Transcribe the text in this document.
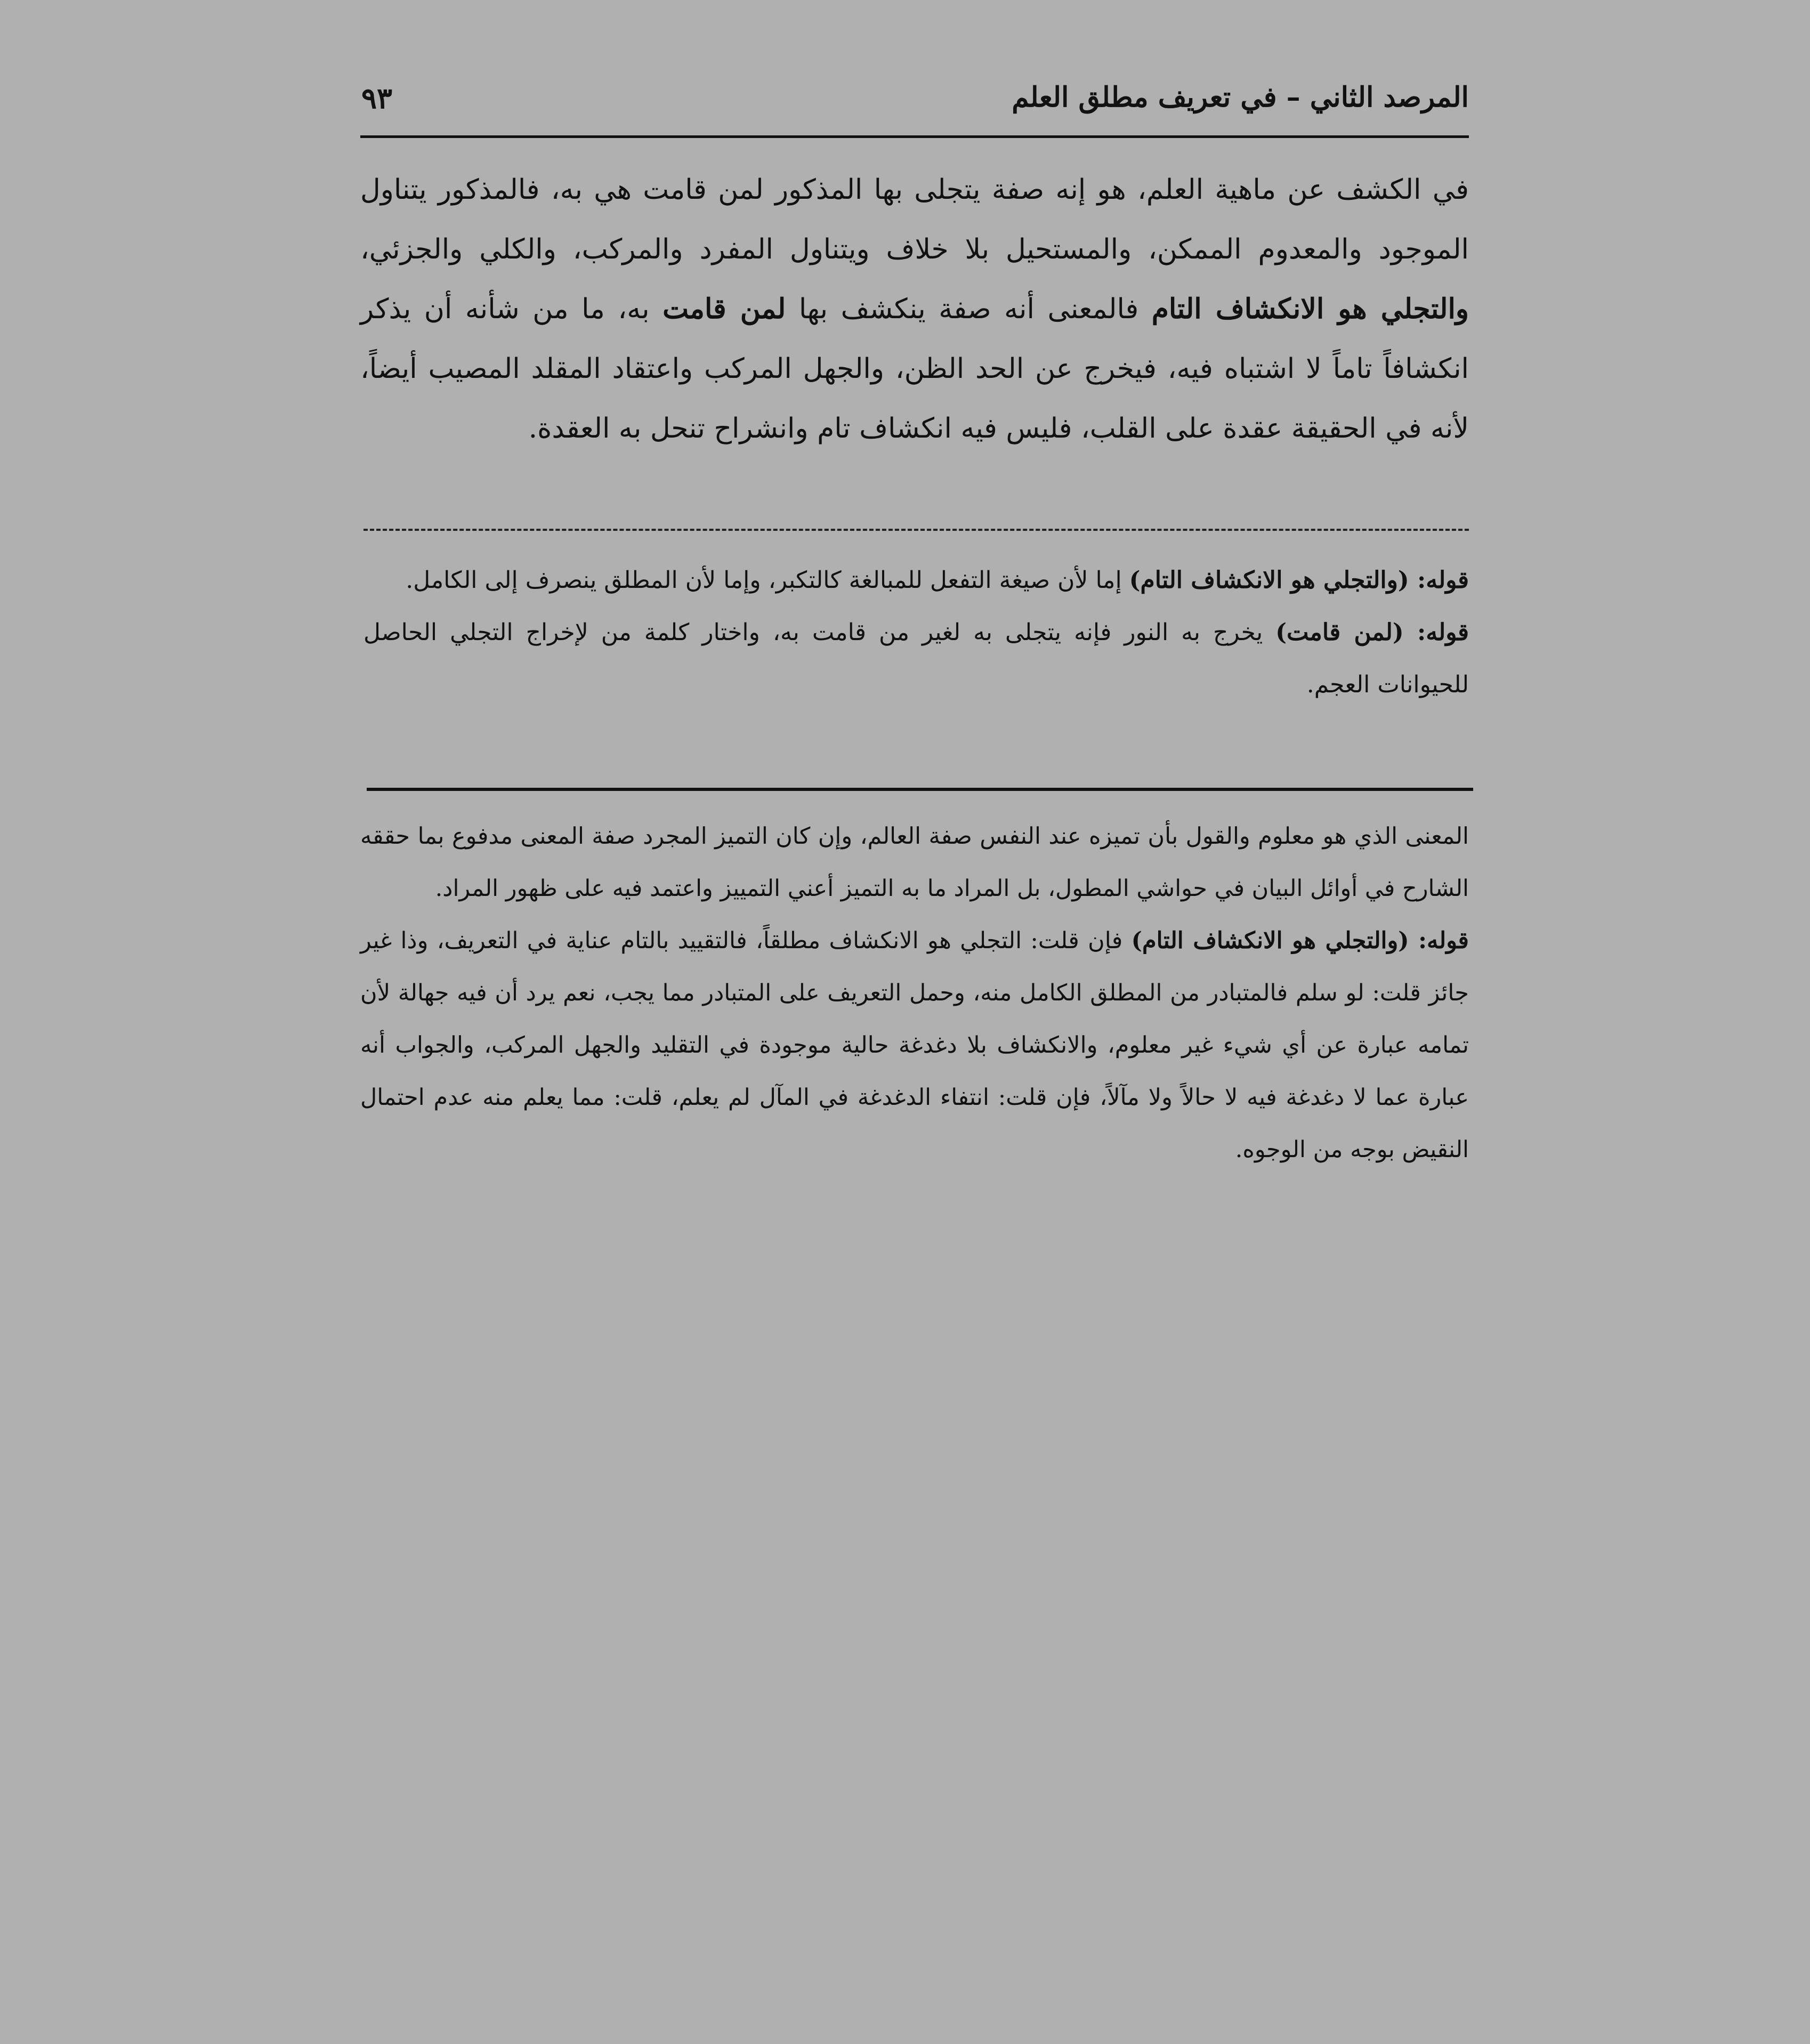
المرصد الثاني – في تعريف مطلق العلم
٩٣
في الكشف عن ماهية العلم، هو إنه صفة يتجلى بها المذكور لمن قامت هي به، فالمذكور يتناول الموجود والمعدوم الممكن، والمستحيل بلا خلاف ويتناول المفرد والمركب، والكلي والجزئي، والتجلي هو الانكشاف التام فالمعنى أنه صفة ينكشف بها لمن قامت به، ما من شأنه أن يذكر انكشافاً تاماً لا اشتباه فيه، فيخرج عن الحد الظن، والجهل المركب واعتقاد المقلد المصيب أيضاً، لأنه في الحقيقة عقدة على القلب، فليس فيه انكشاف تام وانشراح تنحل به العقدة.

قوله: (والتجلي هو الانكشاف التام) إما لأن صيغة التفعل للمبالغة كالتكبر، وإما لأن المطلق ينصرف إلى الكامل.

قوله: (لمن قامت) يخرج به النور فإنه يتجلى به لغير من قامت به، واختار كلمة من لإخراج التجلي الحاصل للحيوانات العجم.

المعنى الذي هو معلوم والقول بأن تميزه عند النفس صفة العالم، وإن كان التميز المجرد صفة المعنى مدفوع بما حققه الشارح في أوائل البيان في حواشي المطول، بل المراد ما به التميز أعني التمييز واعتمد فيه على ظهور المراد.

قوله: (والتجلي هو الانكشاف التام) فإن قلت: التجلي هو الانكشاف مطلقاً، فالتقييد بالتام عناية في التعريف، وذا غير جائز قلت: لو سلم فالمتبادر من المطلق الكامل منه، وحمل التعريف على المتبادر مما يجب، نعم يرد أن فيه جهالة لأن تمامه عبارة عن أي شيء غير معلوم، والانكشاف بلا دغدغة حالية موجودة في التقليد والجهل المركب، والجواب أنه عبارة عما لا دغدغة فيه لا حالاً ولا مآلاً، فإن قلت: انتفاء الدغدغة في المآل لم يعلم، قلت: مما يعلم منه عدم احتمال النقيض بوجه من الوجوه.
